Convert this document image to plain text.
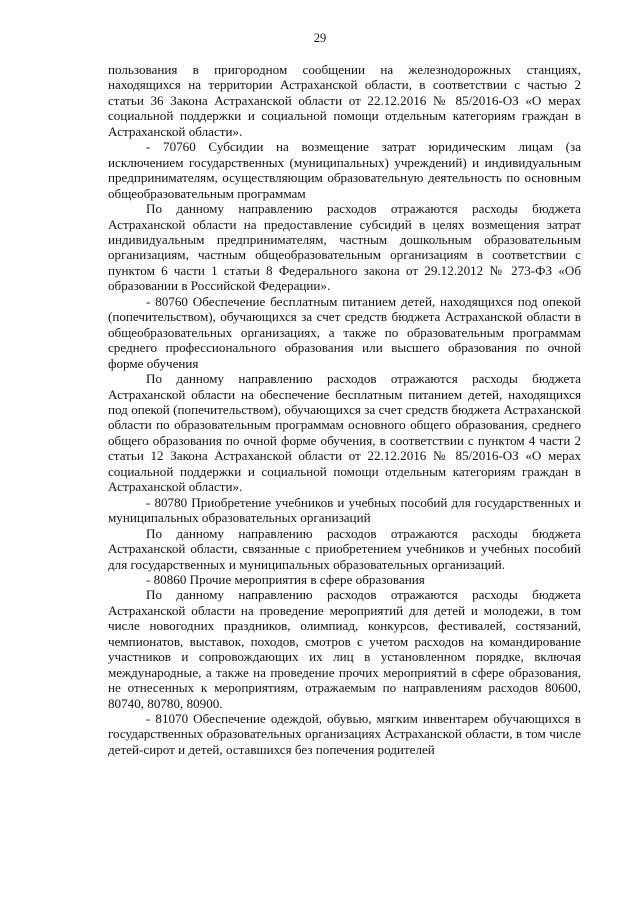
29

пользования в пригородном сообщении на железнодорожных станциях, находящихся на территории Астраханской области, в соответствии с частью 2 статьи 36 Закона Астраханской области от 22.12.2016 № 85/2016-ОЗ «О мерах социальной поддержки и социальной помощи отдельным категориям граждан в Астраханской области».

- 70760 Субсидии на возмещение затрат юридическим лицам (за исключением государственных (муниципальных) учреждений) и индивидуальным предпринимателям, осуществляющим образовательную деятельность по основным общеобразовательным программам

По данному направлению расходов отражаются расходы бюджета Астраханской области на предоставление субсидий в целях возмещения затрат индивидуальным предпринимателям, частным дошкольным образовательным организациям, частным общеобразовательным организациям в соответствии с пунктом 6 части 1 статьи 8 Федерального закона от 29.12.2012 № 273-ФЗ «Об образовании в Российской Федерации».

- 80760 Обеспечение бесплатным питанием детей, находящихся под опекой (попечительством), обучающихся за счет средств бюджета Астраханской области в общеобразовательных организациях, а также по образовательным программам среднего профессионального образования или высшего образования по очной форме обучения

По данному направлению расходов отражаются расходы бюджета Астраханской области на обеспечение бесплатным питанием детей, находящихся под опекой (попечительством), обучающихся за счет средств бюджета Астраханской области по образовательным программам основного общего образования, среднего общего образования по очной форме обучения, в соответствии с пунктом 4 части 2 статьи 12 Закона Астраханской области от 22.12.2016 № 85/2016-ОЗ «О мерах социальной поддержки и социальной помощи отдельным категориям граждан в Астраханской области».

- 80780 Приобретение учебников и учебных пособий для государственных и муниципальных образовательных организаций

По данному направлению расходов отражаются расходы бюджета Астраханской области, связанные с приобретением учебников и учебных пособий для государственных и муниципальных образовательных организаций.

- 80860 Прочие мероприятия в сфере образования

По данному направлению расходов отражаются расходы бюджета Астраханской области на проведение мероприятий для детей и молодежи, в том числе новогодних праздников, олимпиад, конкурсов, фестивалей, состязаний, чемпионатов, выставок, походов, смотров с учетом расходов на командирование участников и сопровождающих их лиц в установленном порядке, включая международные, а также на проведение прочих мероприятий в сфере образования, не отнесенных к мероприятиям, отражаемым по направлениям расходов 80600, 80740, 80780, 80900.

- 81070 Обеспечение одеждой, обувью, мягким инвентарем обучающихся в государственных образовательных организациях Астраханской области, в том числе детей-сирот и детей, оставшихся без попечения родителей
